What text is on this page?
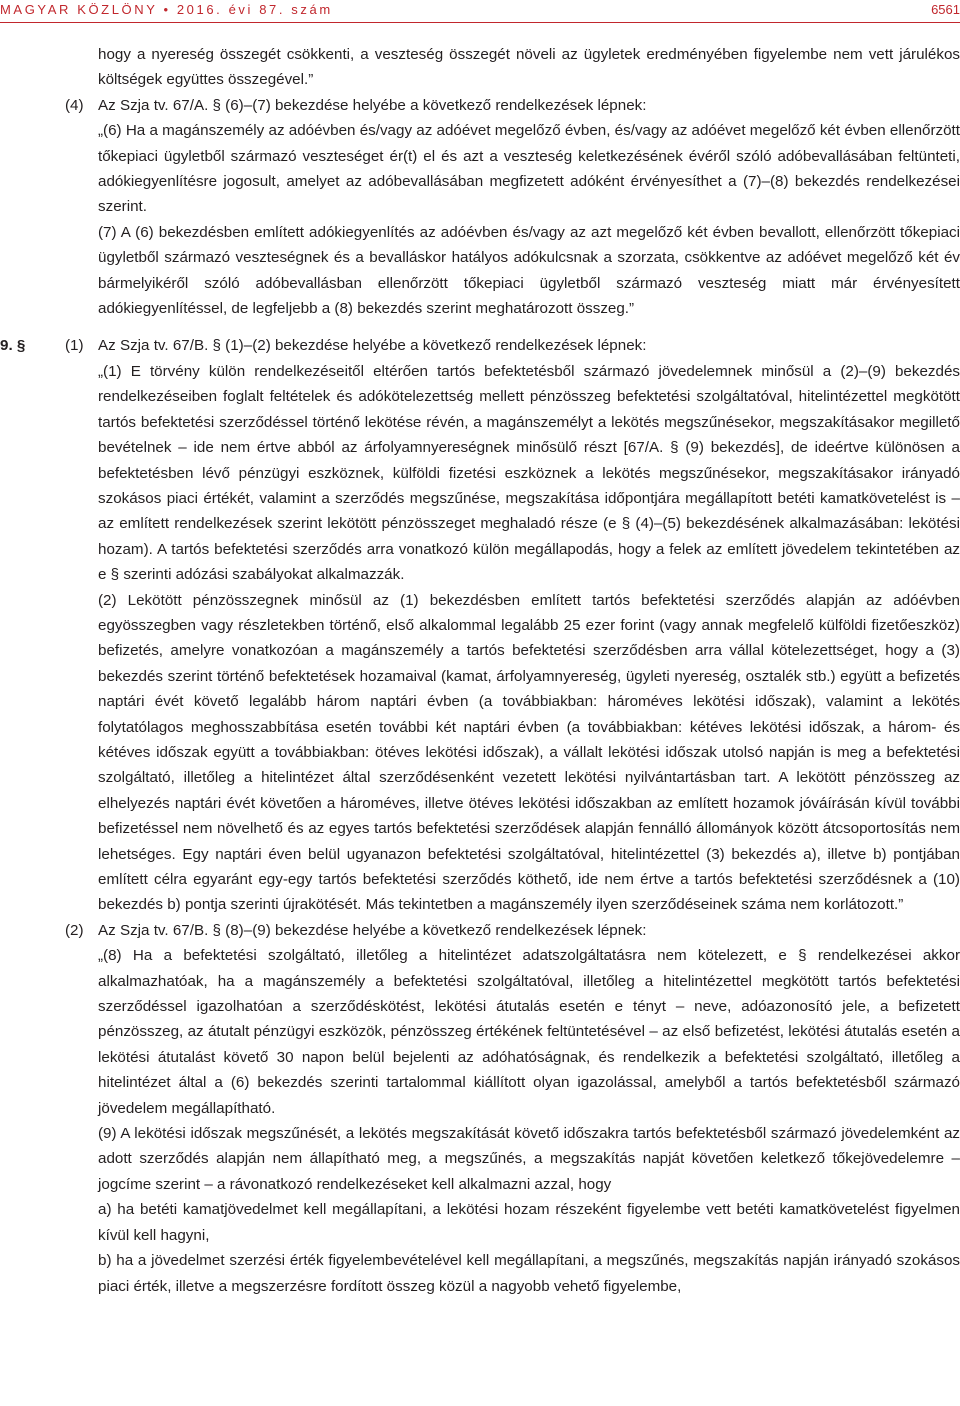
MAGYAR KÖZLÖNY • 2016. évi 87. szám	6561

hogy a nyereség összegét csökkenti, a veszteség összegét növeli az ügyletek eredményében figyelembe nem vett járulékos költségek együttes összegével.”

(4) Az Szja tv. 67/A. § (6)–(7) bekezdése helyébe a következő rendelkezések lépnek:

„(6) Ha a magánszemély az adóévben és/vagy az adóévet megelőző évben, és/vagy az adóévet megelőző két évben ellenőrzött tőkepiaci ügyletből származó veszteséget ér(t) el és azt a veszteség keletkezésének évéről szóló adóbevallásában feltünteti, adókiegyenlítésre jogosult, amelyet az adóbevallásában megfizetett adóként érvényesíthet a (7)–(8) bekezdés rendelkezései szerint.

(7) A (6) bekezdésben említett adókiegyenlítés az adóévben és/vagy az azt megelőző két évben bevallott, ellenőrzött tőkepiaci ügyletből származó veszteségnek és a bevalláskor hatályos adókulcsnak a szorzata, csökkentve az adóévet megelőző két év bármelyikéről szóló adóbevallásban ellenőrzött tőkepiaci ügyletből származó veszteség miatt már érvényesített adókiegyenlítéssel, de legfeljebb a (8) bekezdés szerint meghatározott összeg.”

9. §	(1) Az Szja tv. 67/B. § (1)–(2) bekezdése helyébe a következő rendelkezések lépnek:

„(1) E törvény külön rendelkezéseitől eltérően tartós befektetésből származó jövedelemnek minősül a (2)–(9) bekezdés rendelkezéseiben foglalt feltételek és adókötelezettség mellett pénzösszeg befektetési szolgáltatóval, hitelintézettel megkötött tartós befektetési szerződéssel történő lekötése révén, a magánszemélyt a lekötés megszűnésekor, megszakításakor megillető bevételnek – ide nem értve abból az árfolyamnyereségnek minősülő részt [67/A. § (9) bekezdés], de ideértve különösen a befektetésben lévő pénzügyi eszköznek, külföldi fizetési eszköznek a lekötés megszűnésekor, megszakításakor irányadó szokásos piaci értékét, valamint a szerződés megszűnése, megszakítása időpontjára megállapított betéti kamatkövetelést is – az említett rendelkezések szerint lekötött pénzösszeget meghaladó része (e § (4)–(5) bekezdésének alkalmazásában: lekötési hozam). A tartós befektetési szerződés arra vonatkozó külön megállapodás, hogy a felek az említett jövedelem tekintetében az e § szerinti adózási szabályokat alkalmazzák.

(2) Lekötött pénzösszegnek minősül az (1) bekezdésben említett tartós befektetési szerződés alapján az adóévben egyösszegben vagy részletekben történő, első alkalommal legalább 25 ezer forint (vagy annak megfelelő külföldi fizetőeszköz) befizetés, amelyre vonatkozóan a magánszemély a tartós befektetési szerződésben arra vállal kötelezettséget, hogy a (3) bekezdés szerint történő befektetések hozamaival (kamat, árfolyamnyereség, ügyleti nyereség, osztalék stb.) együtt a befizetés naptári évét követő legalább három naptári évben (a továbbiakban: hároméves lekötési időszak), valamint a lekötés folytatólagos meghosszabbítása esetén további két naptári évben (a továbbiakban: kétéves lekötési időszak, a három- és kétéves időszak együtt a továbbiakban: ötéves lekötési időszak), a vállalt lekötési időszak utolsó napján is meg a befektetési szolgáltató, illetőleg a hitelintézet által szerződésenként vezetett lekötési nyilvántartásban tart. A lekötött pénzösszeg az elhelyezés naptári évét követően a hároméves, illetve ötéves lekötési időszakban az említett hozamok jóváírásán kívül további befizetéssel nem növelhető és az egyes tartós befektetési szerződések alapján fennálló állományok között átcsoportosítás nem lehetséges. Egy naptári éven belül ugyanazon befektetési szolgáltatóval, hitelintézettel (3) bekezdés a), illetve b) pontjában említett célra egyaránt egy-egy tartós befektetési szerződés köthető, ide nem értve a tartós befektetési szerződésnek a (10) bekezdés b) pontja szerinti újrakötését. Más tekintetben a magánszemély ilyen szerződéseinek száma nem korlátozott.”

(2) Az Szja tv. 67/B. § (8)–(9) bekezdése helyébe a következő rendelkezések lépnek:

„(8) Ha a befektetési szolgáltató, illetőleg a hitelintézet adatszolgáltatásra nem kötelezett, e § rendelkezései akkor alkalmazhatóak, ha a magánszemély a befektetési szolgáltatóval, illetőleg a hitelintézettel megkötött tartós befektetési szerződéssel igazolhatóan a szerződéskötést, lekötési átutalás esetén e tényt – neve, adóazonosító jele, a befizetett pénzösszeg, az átutalt pénzügyi eszközök, pénzösszeg értékének feltüntetésével – az első befizetést, lekötési átutalás esetén a lekötési átutalást követő 30 napon belül bejelenti az adóhatóságnak, és rendelkezik a befektetési szolgáltató, illetőleg a hitelintézet által a (6) bekezdés szerinti tartalommal kiállított olyan igazolással, amelyből a tartós befektetésből származó jövedelem megállapítható.

(9) A lekötési időszak megszűnését, a lekötés megszakítását követő időszakra tartós befektetésből származó jövedelemként az adott szerződés alapján nem állapítható meg, a megszűnés, a megszakítás napját követően keletkező tőkejövedelemre – jogcíme szerint – a rávonatkozó rendelkezéseket kell alkalmazni azzal, hogy

a) ha betéti kamatjövedelmet kell megállapítani, a lekötési hozam részeként figyelembe vett betéti kamatkövetelést figyelmen kívül kell hagyni,

b) ha a jövedelmet szerzési érték figyelembevételével kell megállapítani, a megszűnés, megszakítás napján irányadó szokásos piaci érték, illetve a megszerzésre fordított összeg közül a nagyobb vehető figyelembe,
